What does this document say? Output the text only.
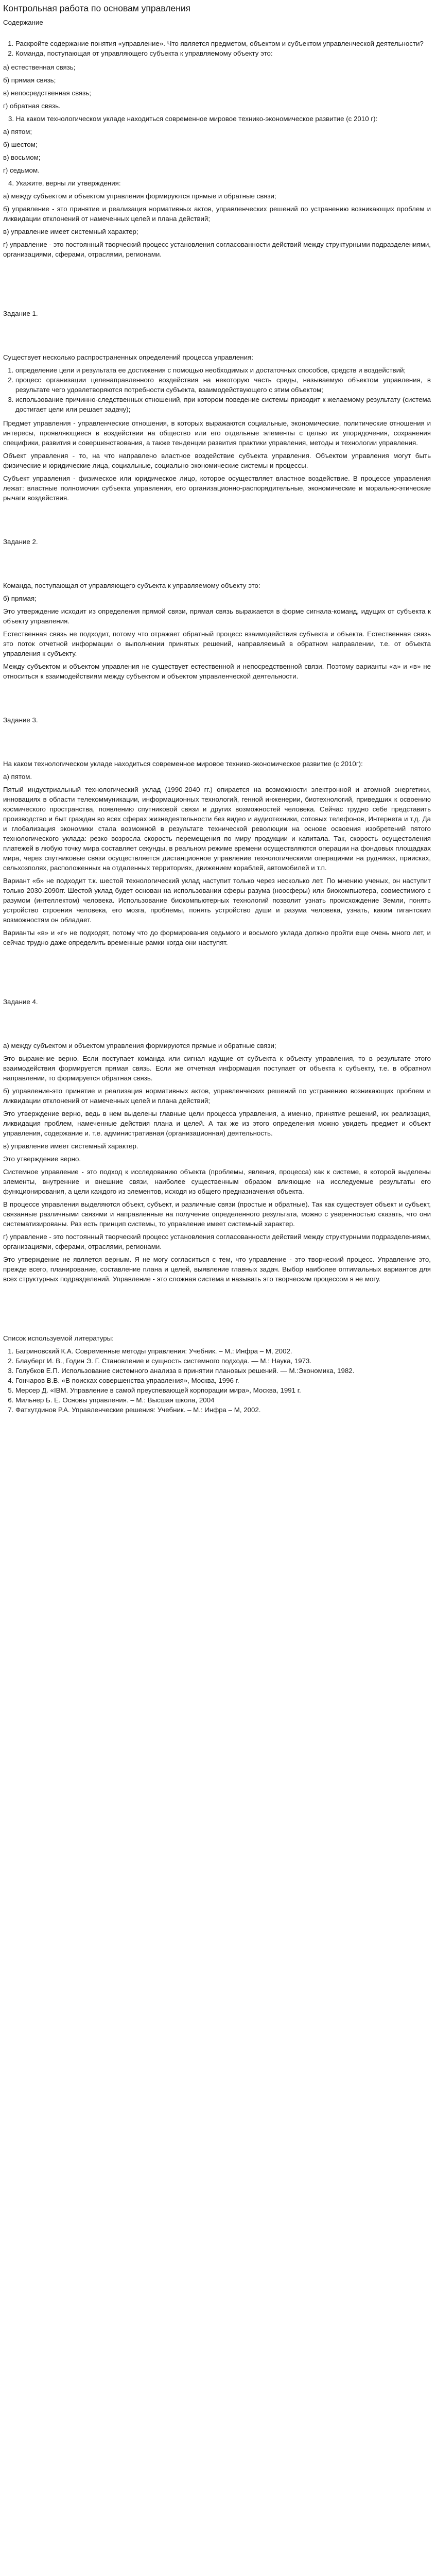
Контрольная работа по основам управления

Содержание

1. Раскройте содержание понятия «управление». Что является предметом, объектом и субъектом управленческой деятельности?
2. Команда, поступающая от управляющего субъекта к управляемому объекту это:

а) естественная связь;

б) прямая связь;

в) непосредственная связь;

г) обратная связь.

3. На каком технологическом укладе находиться современное мировое технико-экономическое развитие (с 2010 г):

а) пятом;

б) шестом;

в) восьмом;

г) седьмом.

4. Укажите, верны ли утверждения:

а) между субъектом и объектом управления формируются прямые и обратные связи;

б) управление - это принятие и реализация нормативных актов, управленческих решений по устранению возникающих проблем и ликвидации отклонений от намеченных целей и плана действий;

в) управление имеет системный характер;

г) управление - это постоянный творческий процесс установления согласованности действий между структурными подразделениями, организациями, сферами, отраслями, регионами.

Задание 1.

Существует несколько распространенных определений процесса управления:

1. определение цели и результата ее достижения с помощью необходимых и достаточных способов, средств и воздействий;
2. процесс организации целенаправленного воздействия на некоторую часть среды, называемую объектом управления, в результате чего удовлетворяются потребности субъекта, взаимодействующего с этим объектом;
3. использование причинно-следственных отношений, при котором поведение системы приводит к желаемому результату (система достигает цели или решает задачу);

Предмет управления - управленческие отношения, в которых выражаются социальные, экономические, политические отношения и интересы, проявляющиеся в воздействии на общество или его отдельные элементы с целью их упорядочения, сохранения специфики, развития и совершенствования, а также тенденции развития практики управления, методы и технологии управления.

Объект управления - то, на что направлено властное воздействие субъекта управления. Объектом управления могут быть физические и юридические лица, социальные, социально-экономические системы и процессы.

Субъект управления - физическое или юридическое лицо, которое осуществляет властное воздействие. В процессе управления лежат: властные полномочия субъекта управления, его организационно-распорядительные, экономические и морально-этические рычаги воздействия.

Задание 2.

Команда, поступающая от управляющего субъекта к управляемому объекту это:

б) прямая;

Это утверждение исходит из определения прямой связи, прямая связь выражается в форме сигнала-команд, идущих от субъекта к объекту управления.

Естественная связь не подходит, потому что отражает обратный процесс взаимодействия субъекта и объекта. Естественная связь это поток отчетной информации о выполнении принятых решений, направляемый в обратном направлении, т.е. от объекта управления к субъекту.

Между субъектом и объектом управления не существует естественной и непосредственной связи. Поэтому варианты «а» и «в» не относиться к взаимодействиям между субъектом и объектом управленческой деятельности.

Задание 3.

На каком технологическом укладе находиться современное мировое технико-экономическое развитие (с 2010г):

а) пятом.

Пятый индустриальный технологический уклад (1990-2040 гг.) опирается на возможности электронной и атомной энергетики, инновациях в области телекоммуникации, информационных технологий, генной инженерии, биотехнологий, приведших к освоению космического пространства, появлению спутниковой связи и других возможностей человека. Сейчас трудно себе представить производство и быт граждан во всех сферах жизнедеятельности без видео и аудиотехники, сотовых телефонов, Интернета и т.д. Да и глобализация экономики стала возможной в результате технической революции на основе освоения изобретений пятого технологического уклада: резко возросла скорость перемещения по миру продукции и капитала. Так, скорость осуществления платежей в любую точку мира составляет секунды, в реальном режиме времени осуществляются операции на фондовых площадках мира, через спутниковые связи осуществляется дистанционное управление технологическими операциями на рудниках, приисках, сельхозполях, расположенных на отдаленных территориях, движением кораблей, автомобилей и т.п.

Вариант «б» не подходит т.к. шестой технологический уклад наступит только через несколько лет. По мнению ученых, он наступит только 2030-2090гг. Шестой уклад будет основан на использовании сферы разума (ноосферы) или биокомпьютера, совместимого с разумом (интеллектом) человека. Использование биокомпьютерных технологий позволит узнать происхождение Земли, понять устройство строения человека, его мозга, проблемы, понять устройство души и разума человека, узнать, каким гигантским возможностям он обладает.

Варианты «в» и «г» не подходят, потому что до формирования седьмого и восьмого уклада должно пройти еще очень много лет, и сейчас трудно даже определить временные рамки когда они наступят.

Задание 4.

а) между субъектом и объектом управления формируются прямые и обратные связи;

Это выражение верно. Если поступает команда или сигнал идущие от субъекта к объекту управления, то в результате этого взаимодействия формируется прямая связь. Если же отчетная информация поступает от объекта к субъекту, т.е. в обратном направлении, то формируется обратная связь.

б) управление-это принятие и реализация нормативных актов, управленческих решений по устранению возникающих проблем и ликвидации отклонений от намеченных целей и плана действий;

Это утверждение верно, ведь в нем выделены главные цели процесса управления, а именно, принятие решений, их реализация, ликвидация проблем, намеченные действия плана и целей. А так же из этого определения можно увидеть предмет и объект управления, содержание и. т.е. административная (организационная) деятельность.

в) управление имеет системный характер.

Это утверждение верно.

Системное управление - это подход к исследованию объекта (проблемы, явления, процесса) как к системе, в которой выделены элементы, внутренние и внешние связи, наиболее существенным образом влияющие на исследуемые результаты его функционирования, а цели каждого из элементов, исходя из общего предназначения объекта.

В процессе управления выделяются объект, субъект, и различные связи (простые и обратные). Так как существует объект и субъект, связанные различными связями и направленные на получение определенного результата, можно с уверенностью сказать, что они систематизированы. Раз есть принцип системы, то управление имеет системный характер.

г) управление - это постоянный творческий процесс установления согласованности действий между структурными подразделениями, организациями, сферами, отраслями, регионами.

Это утверждение не является верным. Я не могу согласиться с тем, что управление - это творческий процесс. Управление это, прежде всего, планирование, составление плана и целей, выявление главных задач. Выбор наиболее оптимальных вариантов для всех структурных подразделений. Управление - это сложная система и называть это творческим процессом я не могу.

Список используемой литературы:

1. Багриновский К.А. Современные методы управления: Учебник. – М.: Инфра – М, 2002.
2. Блауберг И. В., Годин Э. Г. Становление и сущность системного подхода. — М.: Наука, 1973.
3. Голубков Е.П. Использование системного анализа в принятии плановых решений. — М.:Экономика, 1982.
4. Гончаров В.В. «В поисках совершенства управления», Москва, 1996 г.
5. Мерсер Д. «IBM. Управление в самой преуспевающей корпорации мира», Москва, 1991 г.
6. Мильнер Б. Е. Основы управления. – М.: Высшая школа, 2004
7. Фатхутдинов Р.А. Управленческие решения: Учебник. – М.: Инфра – М, 2002.
